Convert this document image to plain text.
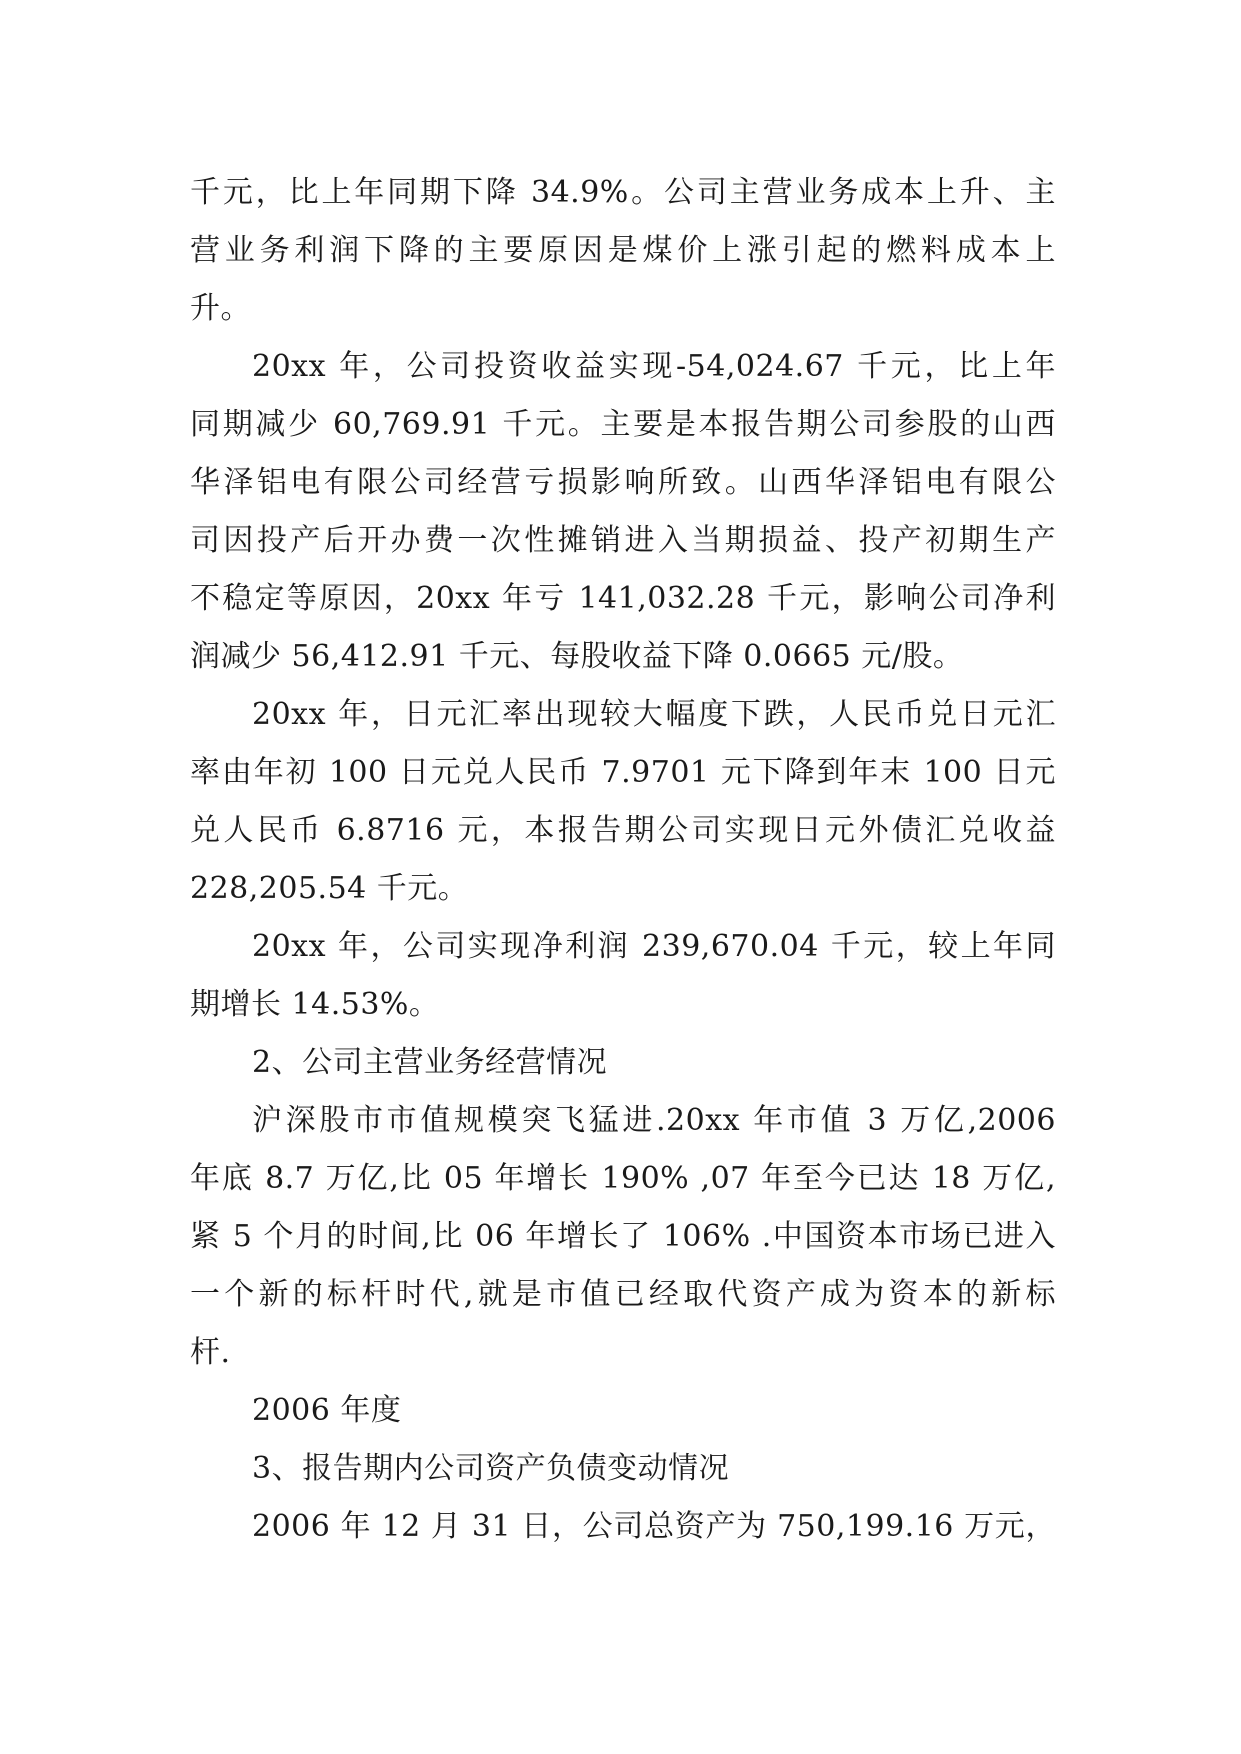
千元，比上年同期下降 34.9%。公司主营业务成本上升、主
营业务利润下降的主要原因是煤价上涨引起的燃料成本上
升。
20xx 年，公司投资收益实现-54,024.67 千元，比上年
同期减少 60,769.91 千元。主要是本报告期公司参股的山西
华泽铝电有限公司经营亏损影响所致。山西华泽铝电有限公
司因投产后开办费一次性摊销进入当期损益、投产初期生产
不稳定等原因，20xx 年亏 141,032.28 千元，影响公司净利
润减少 56,412.91 千元、每股收益下降 0.0665 元/股。
20xx 年，日元汇率出现较大幅度下跌，人民币兑日元汇
率由年初 100 日元兑人民币 7.9701 元下降到年末 100 日元
兑人民币 6.8716 元，本报告期公司实现日元外债汇兑收益
228,205.54 千元。
20xx 年，公司实现净利润 239,670.04 千元，较上年同
期增长 14.53%。
2、公司主营业务经营情况
沪深股市市值规模突飞猛进.20xx 年市值 3 万亿,2006
年底 8.7 万亿,比 05 年增长 190% ,07 年至今已达 18 万亿,
紧 5 个月的时间,比 06 年增长了 106% .中国资本市场已进入
一个新的标杆时代,就是市值已经取代资产成为资本的新标
杆.
2006 年度
3、报告期内公司资产负债变动情况
2006 年 12 月 31 日，公司总资产为 750,199.16 万元，
